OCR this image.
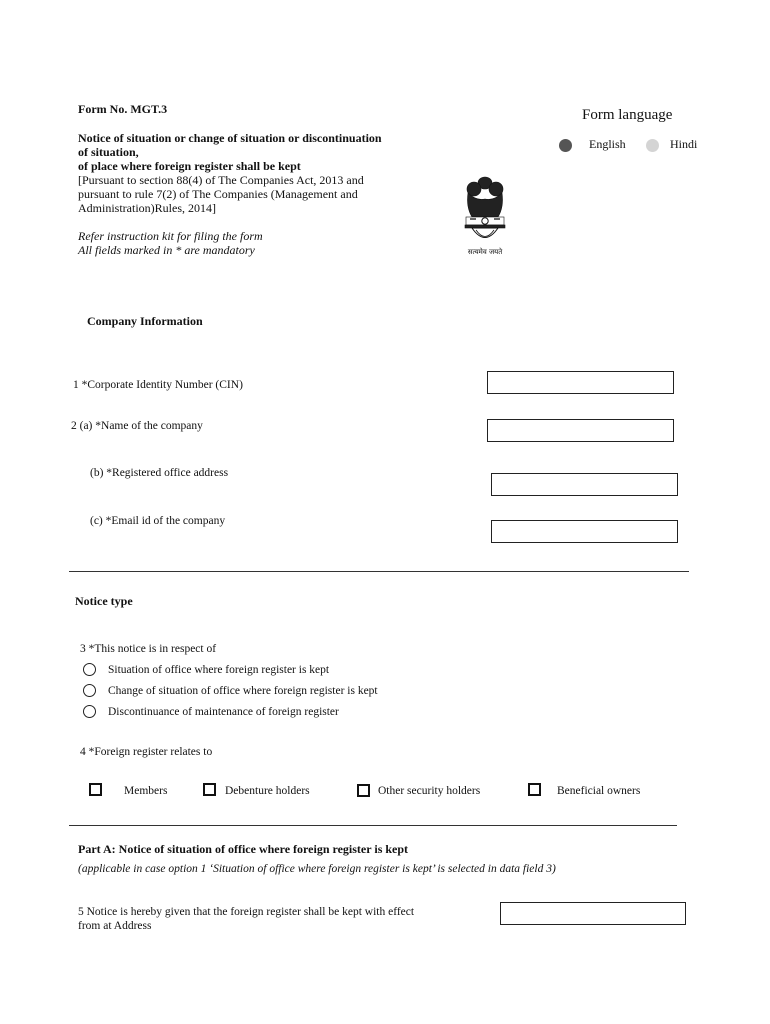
Form No. MGT.3
Notice of situation or change of situation or discontinuation
of situation,
of place where foreign register shall be kept
[Pursuant to section 88(4) of The Companies Act, 2013 and
pursuant to rule 7(2) of The Companies (Management and
Administration)Rules, 2014]
Refer instruction kit for filing the form
All fields marked in * are mandatory	सत्यमेव जयते
Form language
English	Hindi
Company Information
1 *Corporate Identity Number (CIN)
2 (a) *Name of the company
(b) *Registered office address
(c) *Email id of the company
Notice type
3 *This notice is in respect of
Situation of office where foreign register is kept
Change of situation of office where foreign register is kept
Discontinuance of maintenance of foreign register
4 *Foreign register relates to
Members	Debenture holders	Other security holders	Beneficial owners
Part A: Notice of situation of office where foreign register is kept
(applicable in case option 1 ‘Situation of office where foreign register is kept’ is selected in data field 3)
5 Notice is hereby given that the foreign register shall be kept with effect
from at Address
